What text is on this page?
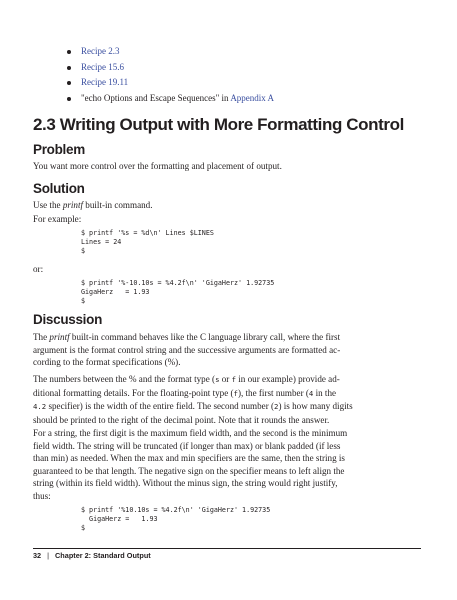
Recipe 2.3
Recipe 15.6
Recipe 19.11
"echo Options and Escape Sequences" in Appendix A
2.3 Writing Output with More Formatting Control
Problem

You want more control over the formatting and placement of output.

Solution

Use the printf built-in command.

For example:

$ printf '%s = %d\n' Lines $LINES
Lines = 24
$

or:

$ printf '%-10.10s = %4.2f\n' 'GigaHerz' 1.92735
GigaHerz   = 1.93
$
Discussion
The printf built-in command behaves like the C language library call, where the first
argument is the format control string and the successive arguments are formatted ac-
cording to the format specifications (%).
The numbers between the % and the format type (s or f in our example) provide ad-
ditional formatting details. For the floating-point type (f), the first number (4 in the
4.2 specifier) is the width of the entire field. The second number (2) is how many digits
should be printed to the right of the decimal point. Note that it rounds the answer.
For a string, the first digit is the maximum field width, and the second is the minimum
field width. The string will be truncated (if longer than max) or blank padded (if less
than min) as needed. When the max and min specifiers are the same, then the string is
guaranteed to be that length. The negative sign on the specifier means to left align the
string (within its field width). Without the minus sign, the string would right justify,
thus:
$ printf '%10.10s = %4.2f\n' 'GigaHerz' 1.92735
GigaHerz =   1.93
$
32 | Chapter 2: Standard Output
